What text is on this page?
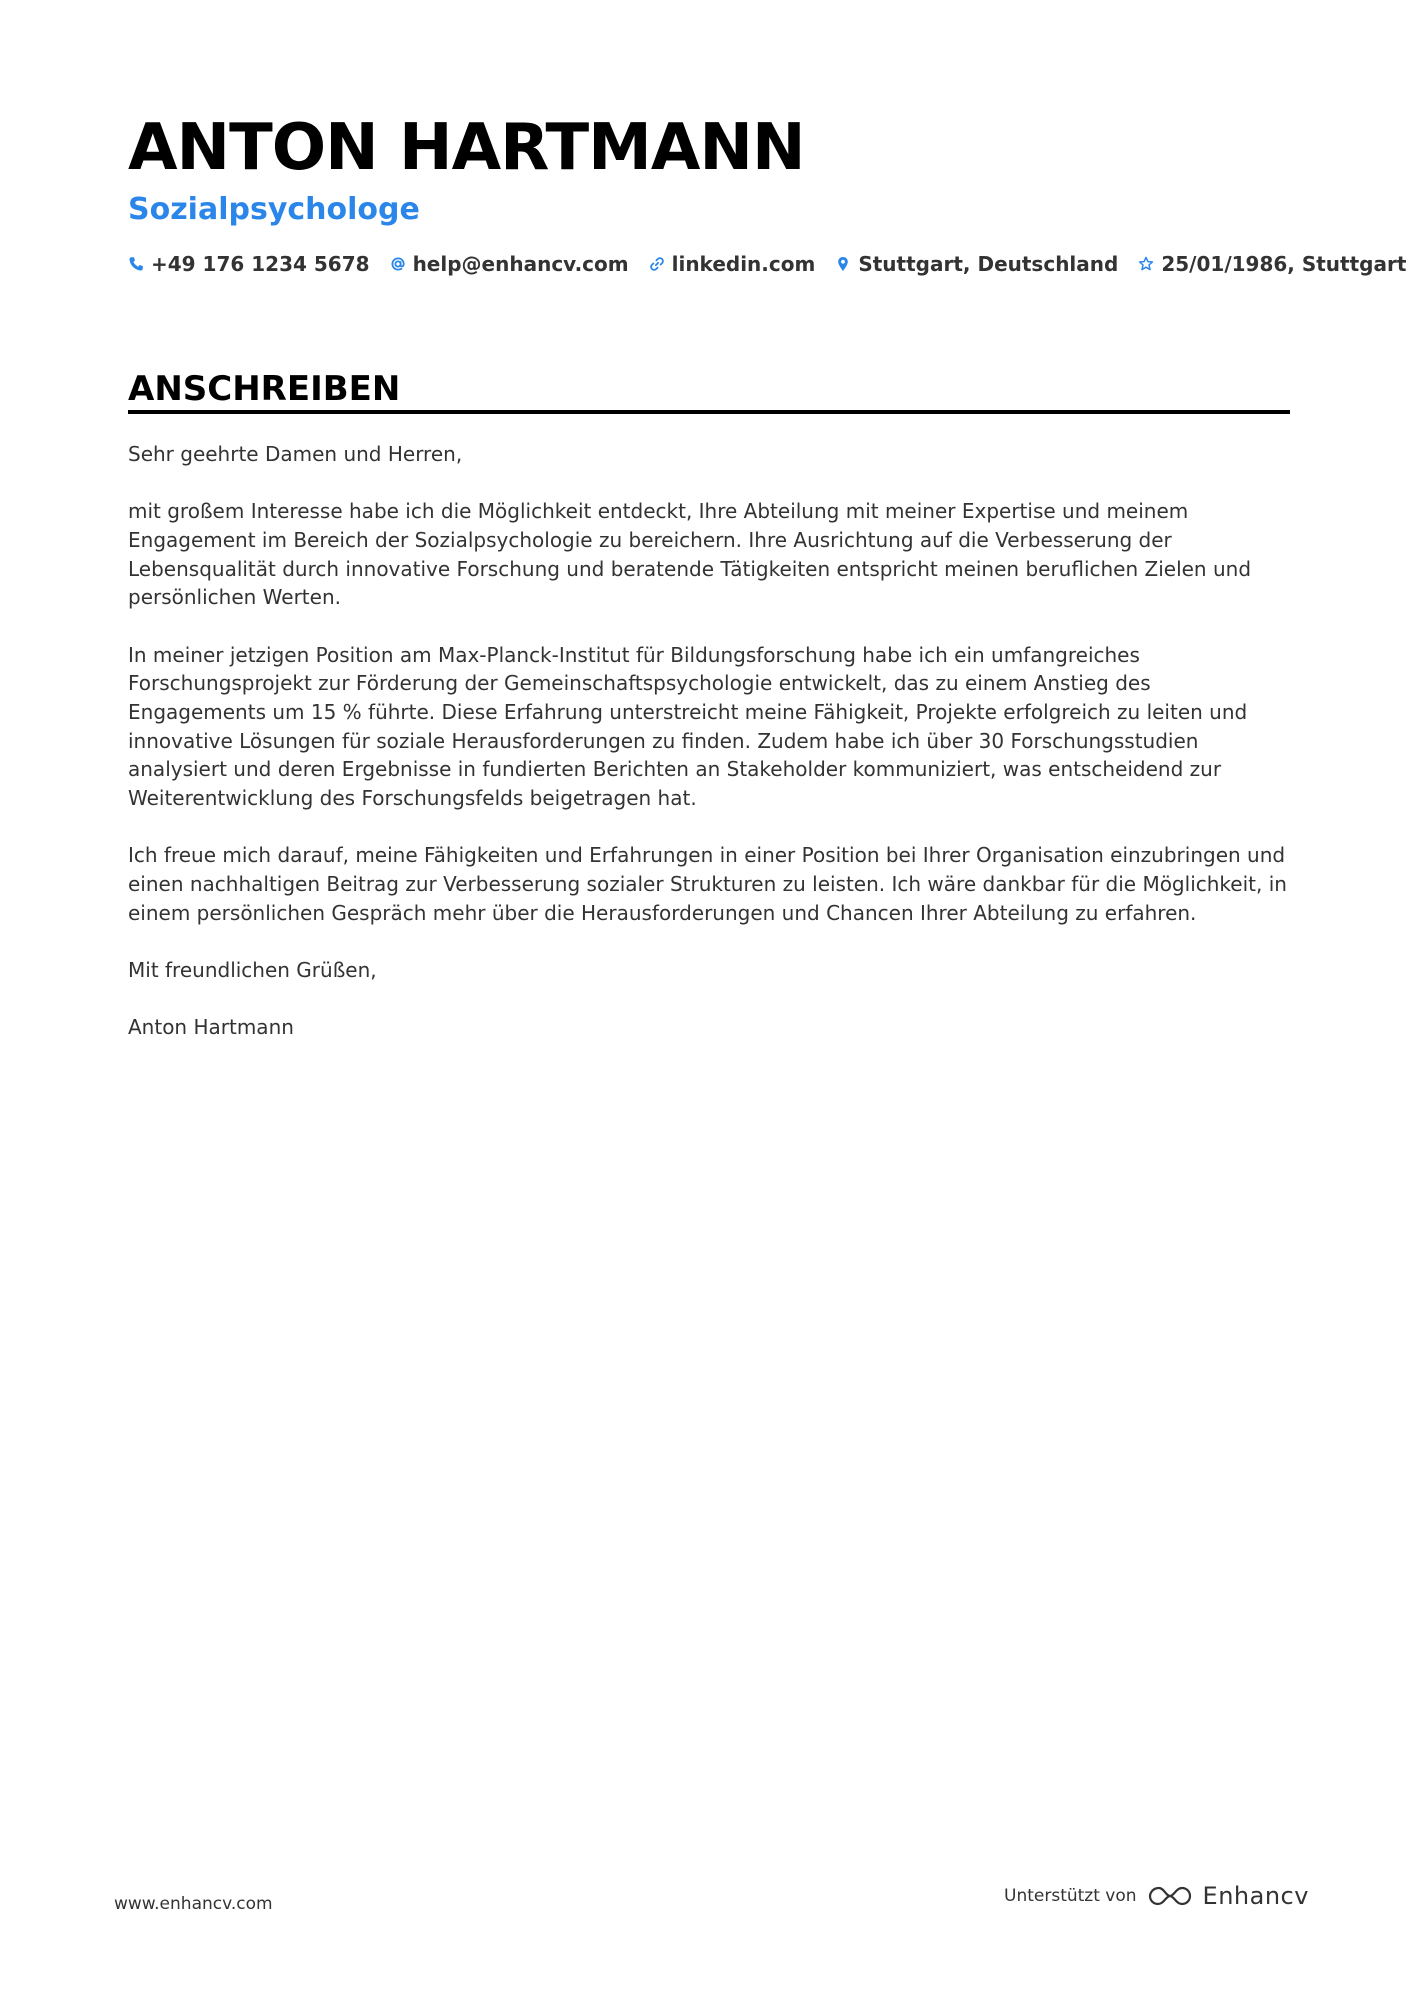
ANTON HARTMANN
Sozialpsychologe
+49 176 1234 5678 help@enhancv.com linkedin.com Stuttgart, Deutschland 25/01/1986, Stuttgart
ANSCHREIBEN

Sehr geehrte Damen und Herren,

mit großem Interesse habe ich die Möglichkeit entdeckt, Ihre Abteilung mit meiner Expertise und meinem Engagement im Bereich der Sozialpsychologie zu bereichern. Ihre Ausrichtung auf die Verbesserung der Lebensqualität durch innovative Forschung und beratende Tätigkeiten entspricht meinen beruflichen Zielen und persönlichen Werten.

In meiner jetzigen Position am Max-Planck-Institut für Bildungsforschung habe ich ein umfangreiches Forschungsprojekt zur Förderung der Gemeinschaftspsychologie entwickelt, das zu einem Anstieg des Engagements um 15 % führte. Diese Erfahrung unterstreicht meine Fähigkeit, Projekte erfolgreich zu leiten und innovative Lösungen für soziale Herausforderungen zu finden. Zudem habe ich über 30 Forschungsstudien analysiert und deren Ergebnisse in fundierten Berichten an Stakeholder kommuniziert, was entscheidend zur Weiterentwicklung des Forschungsfelds beigetragen hat.

Ich freue mich darauf, meine Fähigkeiten und Erfahrungen in einer Position bei Ihrer Organisation einzubringen und einen nachhaltigen Beitrag zur Verbesserung sozialer Strukturen zu leisten. Ich wäre dankbar für die Möglichkeit, in einem persönlichen Gespräch mehr über die Herausforderungen und Chancen Ihrer Abteilung zu erfahren.

Mit freundlichen Grüßen,

Anton Hartmann

www.enhancv.com	Unterstützt von	Enhancv
